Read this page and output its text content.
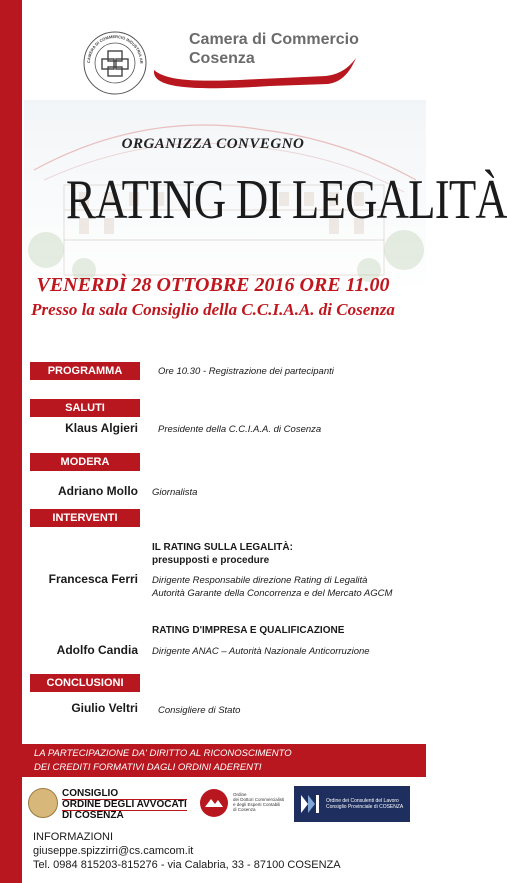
CAMERA DI COMMERCIO INDUSTRIA AR
Camera di Commercio
Cosenza
ORGANIZZA CONVEGNO
RATING DI LEGALITÀ
VENERDÌ 28 OTTOBRE 2016 ORE 11.00
Presso la sala Consiglio della C.C.I.A.A. di Cosenza
PROGRAMMA	Ore 10.30 - Registrazione dei partecipanti
SALUTI
Klaus Algieri Presidente della C.C.I.A.A. di Cosenza
MODERA
Adriano Mollo Giornalista
INTERVENTI
IL RATING SULLA LEGALITÀ:
presupposti e procedure
Francesca Ferri Dirigente Responsabile direzione Rating di Legalità
Autorità Garante della Concorrenza e del Mercato AGCM
RATING D'IMPRESA E QUALIFICAZIONE
Adolfo Candia Dirigente ANAC – Autorità Nazionale Anticorruzione
CONCLUSIONI
Giulio Veltri Consigliere di Stato
LA PARTECIPAZIONE DA' DIRITTO AL RICONOSCIMENTO
DEI CREDITI FORMATIVI DAGLI ORDINI ADERENTI
CONSIGLIO
ORDINE DEGLI AVVOCATI
DI COSENZA
Ordine
dei Dottori Commercialisti
e degli Esperti Contabili
di Cosenza
Ordine dei Consulenti del Lavoro
Consiglio Provinciale di COSENZA
INFORMAZIONI
giuseppe.spizzirri@cs.camcom.it
Tel. 0984 815203-815276 - via Calabria, 33 - 87100 COSENZA
